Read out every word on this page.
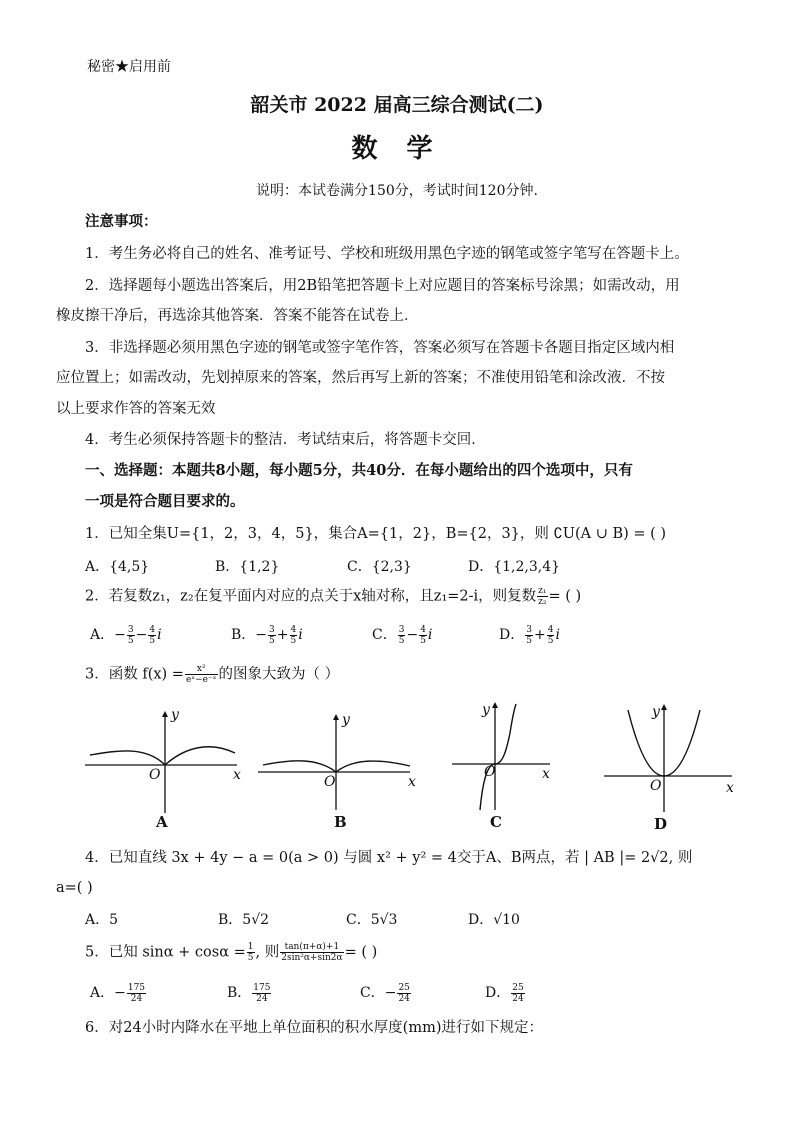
秘密★启用前
韶关市 2022 届高三综合测试(二)
数 学
说明：本试卷满分150分，考试时间120分钟.
注意事项：
1．考生务必将自己的姓名、准考证号、学校和班级用黑色字迹的钢笔或签字笔写在答题卡上。
2．选择题每小题选出答案后，用2B铅笔把答题卡上对应题目的答案标号涂黑；如需改动，用
橡皮擦干净后，再选涂其他答案．答案不能答在试卷上．
3．非选择题必须用黑色字迹的钢笔或签字笔作答，答案必须写在答题卡各题目指定区域内相
应位置上；如需改动，先划掉原来的答案，然后再写上新的答案；不准使用铅笔和涂改液．不按
以上要求作答的答案无效
4．考生必须保持答题卡的整洁．考试结束后，将答题卡交回．
一、选择题：本题共8小题，每小题5分，共40分．在每小题给出的四个选项中，只有
一项是符合题目要求的。
1．已知全集U={1，2，3，4，5}，集合A={1，2}，B={2，3}，则 ∁U(A ∪ B) = ( )
A．{4,5}	B．{1,2}	C．{2,3}	D．{1,2,3,4}
2．若复数z₁，z₂在复平面内对应的点关于x轴对称，且z₁=2-i，则复数 $\frac{\text{z₁}}{\text{z₂}}$ = ( )
A．− $\frac{3}{5} - \frac{4}{5}$ i	B．− $\frac{3}{5} + \frac{4}{5}$ i	C． $\frac{3}{5} - \frac{4}{5}$ i	D． $\frac{3}{5} + \frac{4}{5}$ i
3．函数 $f(x) = \frac{\text{x²}}{\text{eˣ−e⁻ˣ}}$ 的图象大致为（ ）
y
O	x
A
y
O	x
B
y
O	x
C
y
O	x
D
4．已知直线 3x + 4y − a = 0(a > 0) 与圆 x² + y² = 4交于A、B两点，若 | AB |= 2√2, 则
a=( )
A．5	B．5√2	C．5√3	D．√10
5．已知 $\sin\alpha + \cos\alpha = \frac{1}{5}$ , 则 $\frac{\tan(\pi+\alpha)+1}{\text{2sin²α+sin2α}}$ = ( )
A．− $\frac{175}{24}$	B． $\frac{175}{24}$	C．− $\frac{25}{24}$	D． $\frac{25}{24}$
6．对24小时内降水在平地上单位面积的积水厚度(mm)进行如下规定：
